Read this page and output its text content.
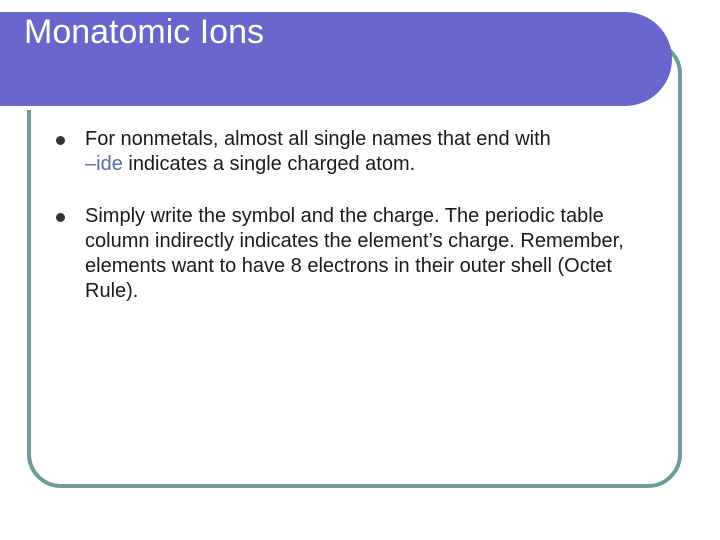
Monatomic Ions
For nonmetals, almost all single names that end with
–ide indicates a single charged atom.
Simply write the symbol and the charge. The periodic table column indirectly indicates the element’s charge. Remember, elements want to have 8 electrons in their outer shell (Octet Rule).
